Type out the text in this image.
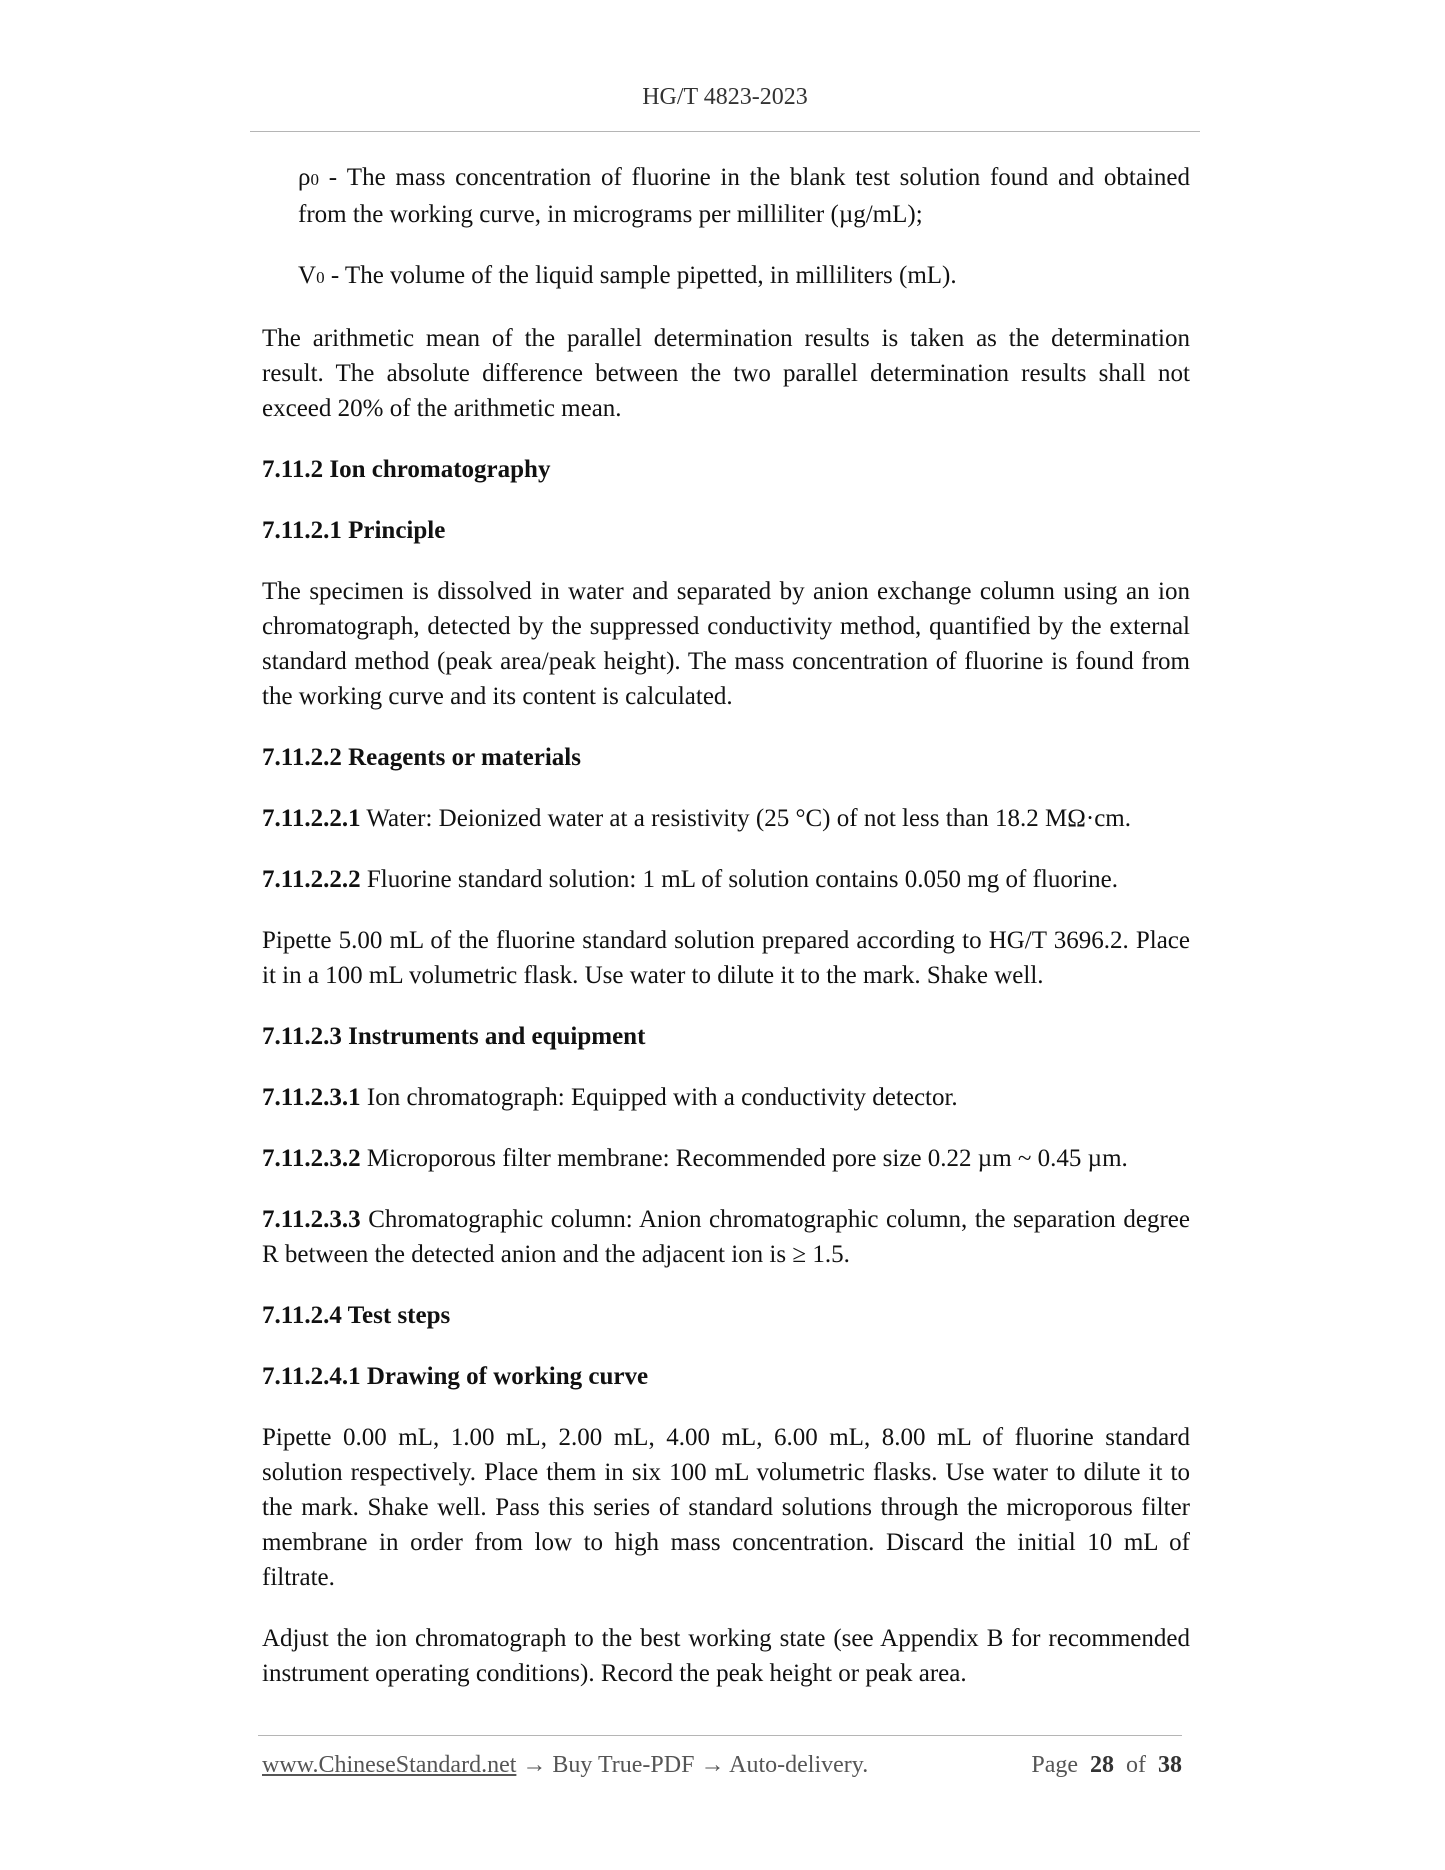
HG/T 4823-2023

ρ0 - The mass concentration of fluorine in the blank test solution found and obtained from the working curve, in micrograms per milliliter (µg/mL);

V0 - The volume of the liquid sample pipetted, in milliliters (mL).

The arithmetic mean of the parallel determination results is taken as the determination result. The absolute difference between the two parallel determination results shall not exceed 20% of the arithmetic mean.

7.11.2 Ion chromatography

7.11.2.1 Principle

The specimen is dissolved in water and separated by anion exchange column using an ion chromatograph, detected by the suppressed conductivity method, quantified by the external standard method (peak area/peak height). The mass concentration of fluorine is found from the working curve and its content is calculated.

7.11.2.2 Reagents or materials

7.11.2.2.1 Water: Deionized water at a resistivity (25 °C) of not less than 18.2 MΩ·cm.

7.11.2.2.2 Fluorine standard solution: 1 mL of solution contains 0.050 mg of fluorine.

Pipette 5.00 mL of the fluorine standard solution prepared according to HG/T 3696.2. Place it in a 100 mL volumetric flask. Use water to dilute it to the mark. Shake well.

7.11.2.3 Instruments and equipment

7.11.2.3.1 Ion chromatograph: Equipped with a conductivity detector.

7.11.2.3.2 Microporous filter membrane: Recommended pore size 0.22 µm ~ 0.45 µm.

7.11.2.3.3 Chromatographic column: Anion chromatographic column, the separation degree R between the detected anion and the adjacent ion is ≥ 1.5.

7.11.2.4 Test steps

7.11.2.4.1 Drawing of working curve

Pipette 0.00 mL, 1.00 mL, 2.00 mL, 4.00 mL, 6.00 mL, 8.00 mL of fluorine standard solution respectively. Place them in six 100 mL volumetric flasks. Use water to dilute it to the mark. Shake well. Pass this series of standard solutions through the microporous filter membrane in order from low to high mass concentration. Discard the initial 10 mL of filtrate.

Adjust the ion chromatograph to the best working state (see Appendix B for recommended instrument operating conditions). Record the peak height or peak area.

www.ChineseStandard.net → Buy True-PDF → Auto-delivery.	Page 28 of 38
